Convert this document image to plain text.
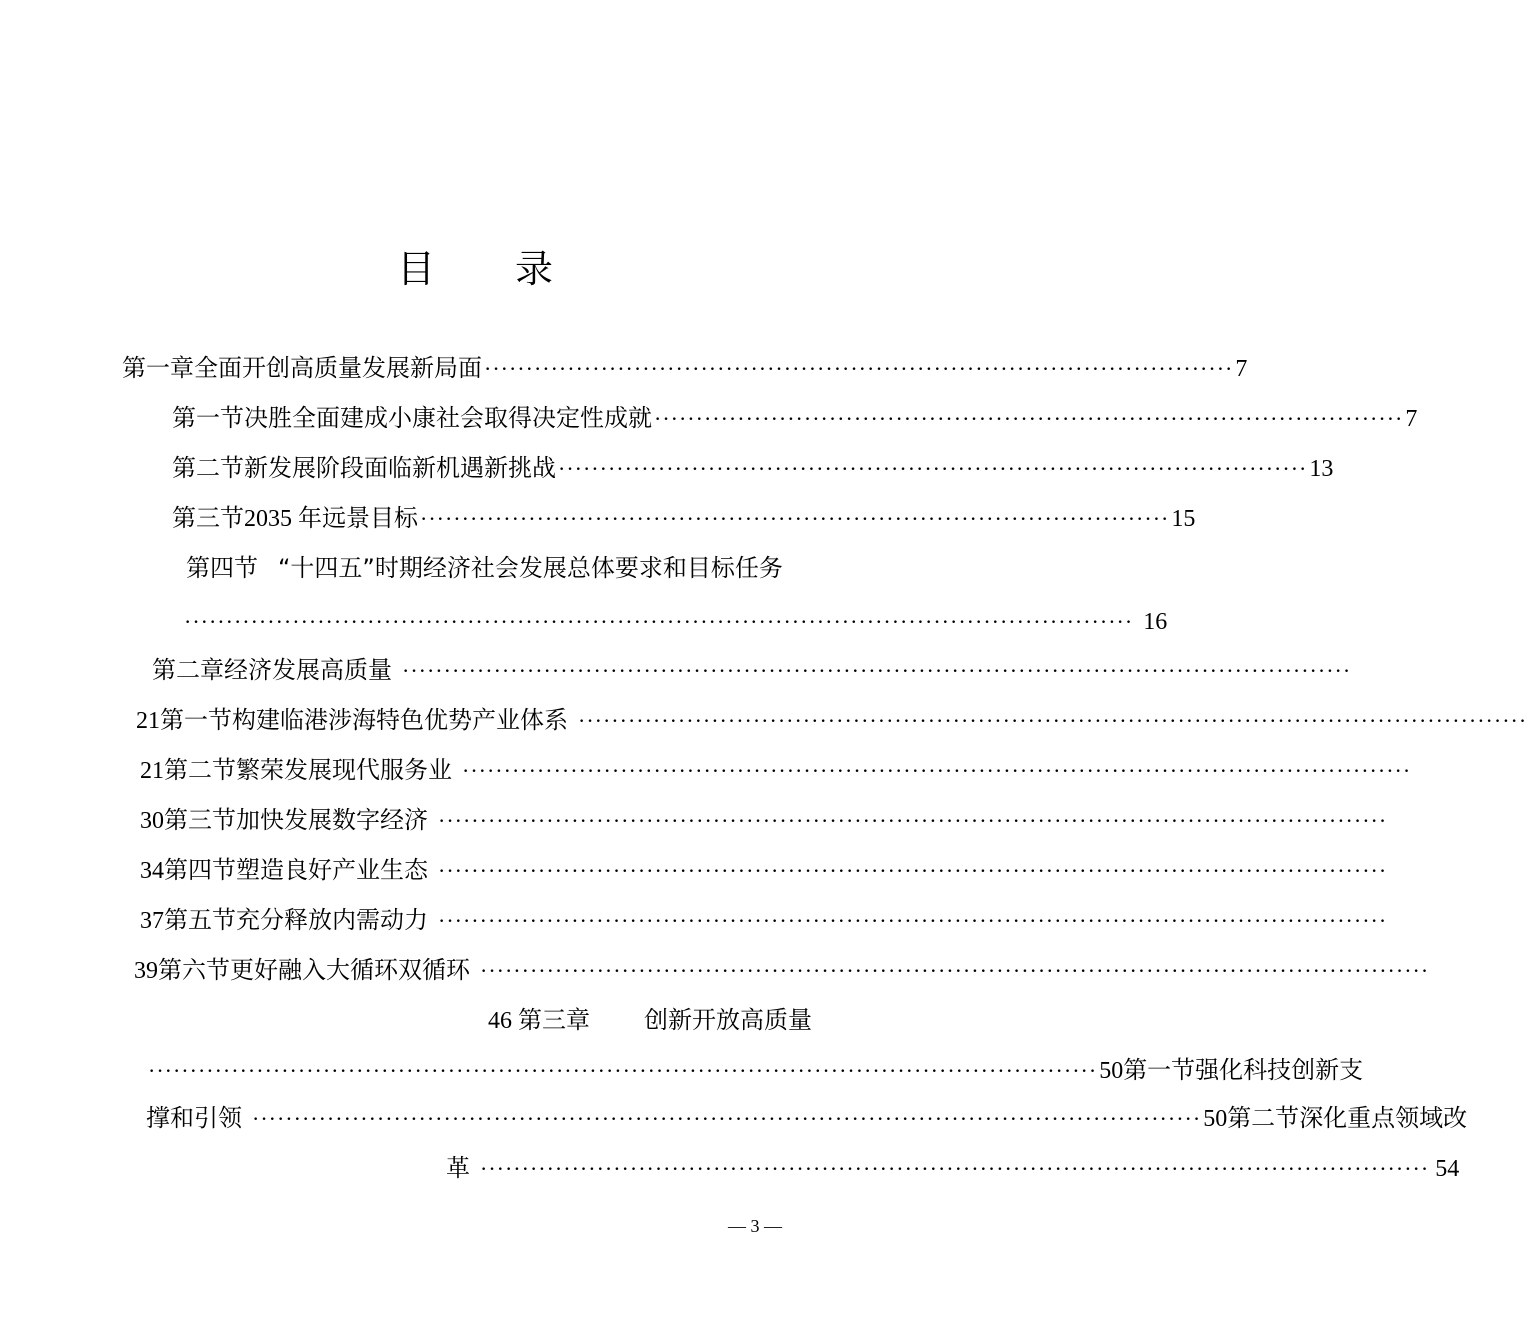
目 录
第一章 全面开创高质量发展新局面 ·························································································· 7
第一节 决胜全面建成小康社会取得决定性成就 ·························································································· 7
第二节 新发展阶段面临新机遇新挑战 ·························································································· 13
第三节 2035 年远景目标 ·························································································· 15
第四节 “十四五”时期经济社会发展总体要求和目标任务
·················································································································· 16
第二章 经济发展高质量 ··················································································································
21 第一节 构建临港涉海特色优势产业体系 ··················································································································
21 第二节 繁荣发展现代服务业 ··················································································································
30 第三节 加快发展数字经济 ··················································································································
34 第四节 塑造良好产业生态 ··················································································································
37 第五节 充分释放内需动力 ··················································································································
39 第六节 更好融入大循环双循环 ··················································································································
46 第三章 创新开放高质量
·················································································································· 50 第一节强化科技创新支
撑和引领 ·················································································································· 50 第二节 深化重点领域改
革 ·················································································································· 54
— 3 —
